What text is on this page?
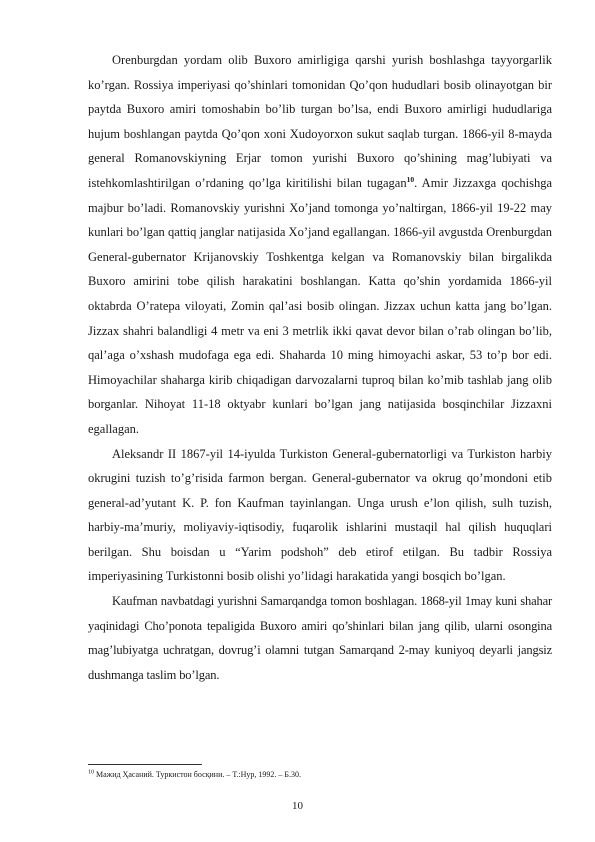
Orenburgdan yordam olib Buxoro amirligiga qarshi yurish boshlashga tayyorgarlik ko’rgan. Rossiya imperiyasi qo’shinlari tomonidan Qo’qon hududlari bosib olinayotgan bir paytda Buxoro amiri tomoshabin bo’lib turgan bo’lsa, endi Buxoro amirligi hududlariga hujum boshlangan paytda Qo’qon xoni Xudoyorxon sukut saqlab turgan. 1866-yil 8-mayda general Romanovskiyning Erjar tomon yurishi Buxoro qo’shining mag’lubiyati va istehkomlashtirilgan o’rdaning qo’lga kiritilishi bilan tugagan$^{10}$. Amir Jizzaxga qochishga majbur bo’ladi. Romanovskiy yurishni Xo’jand tomonga yo’naltirgan, 1866-yil 19-22 may kunlari bo’lgan qattiq janglar natijasida Xo’jand egallangan. 1866-yil avgustda Orenburgdan General-gubernator Krijanovskiy Toshkentga kelgan va Romanovskiy bilan birgalikda Buxoro amirini tobe qilish harakatini boshlangan. Katta qo’shin yordamida 1866-yil oktabrda O’ratepa viloyati, Zomin qal’asi bosib olingan. Jizzax uchun katta jang bo’lgan. Jizzax shahri balandligi 4 metr va eni 3 metrlik ikki qavat devor bilan o’rab olingan bo’lib, qal’aga o’xshash mudofaga ega edi. Shaharda 10 ming himoyachi askar, 53 to’p bor edi. Himoyachilar shaharga kirib chiqadigan darvozalarni tuproq bilan ko’mib tashlab jang olib borganlar. Nihoyat 11-18 oktyabr kunlari bo’lgan jang natijasida bosqinchilar Jizzaxni egallagan.

Aleksandr II 1867-yil 14-iyulda Turkiston General-gubernatorligi va Turkiston harbiy okrugini tuzish to’g’risida farmon bergan. General-gubernator va okrug qo’mondoni etib general-ad’yutant K. P. fon Kaufman tayinlangan. Unga urush e’lon qilish, sulh tuzish, harbiy-ma’muriy, moliyaviy-iqtisodiy, fuqarolik ishlarini mustaqil hal qilish huquqlari berilgan. Shu boisdan u “Yarim podshoh” deb etirof etilgan. Bu tadbir Rossiya imperiyasining Turkistonni bosib olishi yo’lidagi harakatida yangi bosqich bo’lgan.

Kaufman navbatdagi yurishni Samarqandga tomon boshlagan. 1868-yil 1may kuni shahar yaqinidagi Cho’ponota tepaligida Buxoro amiri qo’shinlari bilan jang qilib, ularni osongina mag’lubiyatga uchratgan, dovrug’i olamni tutgan Samarqand 2-may kuniyoq deyarli jangsiz dushmanga taslim bo’lgan.

$^{10}$ Мажид Ҳасаний. Туркистон босқини. – Т.:Нур, 1992. – Б.30.
10
